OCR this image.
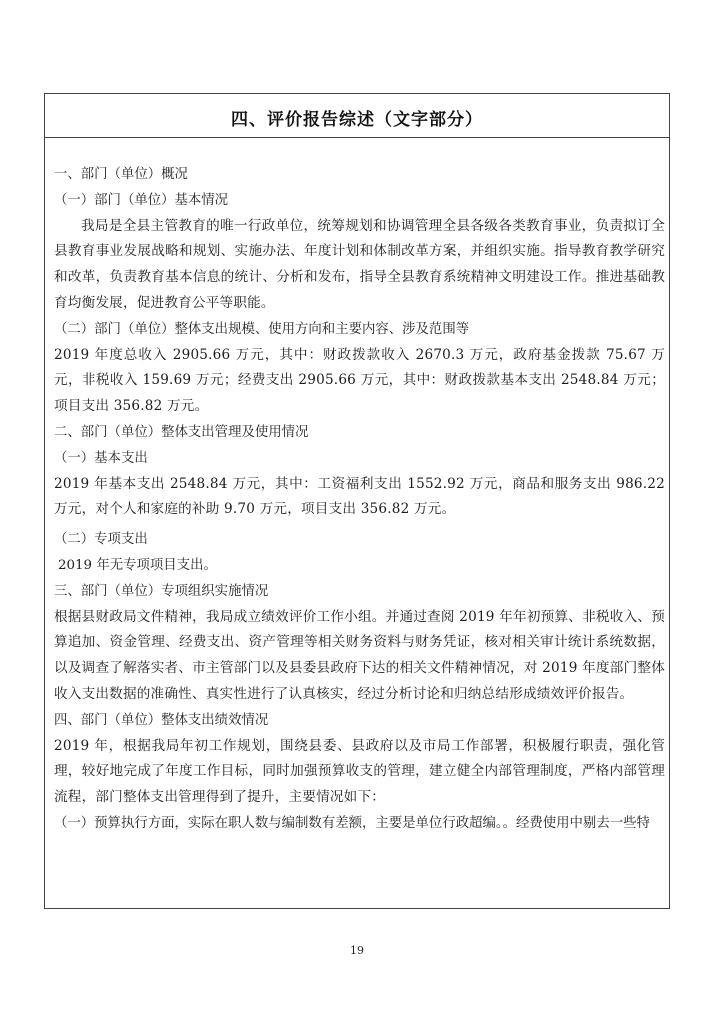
四、评价报告综述（文字部分）
一、部门（单位）概况
（一）部门（单位）基本情况
我局是全县主管教育的唯一行政单位，统筹规划和协调管理全县各级各类教育事业，负责拟订全县教育事业发展战略和规划、实施办法、年度计划和体制改革方案，并组织实施。指导教育教学研究和改革，负责教育基本信息的统计、分析和发布，指导全县教育系统精神文明建设工作。推进基础教育均衡发展，促进教育公平等职能。
（二）部门（单位）整体支出规模、使用方向和主要内容、涉及范围等
2019 年度总收入 2905.66 万元，其中：财政拨款收入 2670.3 万元，政府基金拨款 75.67 万元，非税收入 159.69 万元；经费支出 2905.66 万元，其中：财政拨款基本支出 2548.84 万元；项目支出 356.82 万元。
二、部门（单位）整体支出管理及使用情况
（一）基本支出
2019 年基本支出 2548.84 万元，其中：工资福利支出 1552.92 万元，商品和服务支出 986.22 万元，对个人和家庭的补助 9.70 万元，项目支出 356.82 万元。
（二）专项支出
2019 年无专项项目支出。
三、部门（单位）专项组织实施情况
根据县财政局文件精神，我局成立绩效评价工作小组。并通过查阅 2019 年年初预算、非税收入、预算追加、资金管理、经费支出、资产管理等相关财务资料与财务凭证，核对相关审计统计系统数据，以及调查了解落实者、市主管部门以及县委县政府下达的相关文件精神情况，对 2019 年度部门整体收入支出数据的准确性、真实性进行了认真核实，经过分析讨论和归纳总结形成绩效评价报告。
四、部门（单位）整体支出绩效情况
2019 年，根据我局年初工作规划，围绕县委、县政府以及市局工作部署，积极履行职责，强化管理，较好地完成了年度工作目标，同时加强预算收支的管理，建立健全内部管理制度，严格内部管理流程，部门整体支出管理得到了提升，主要情况如下：
（一）预算执行方面，实际在职人数与编制数有差额，主要是单位行政超编。。经费使用中剔去一些特
19
